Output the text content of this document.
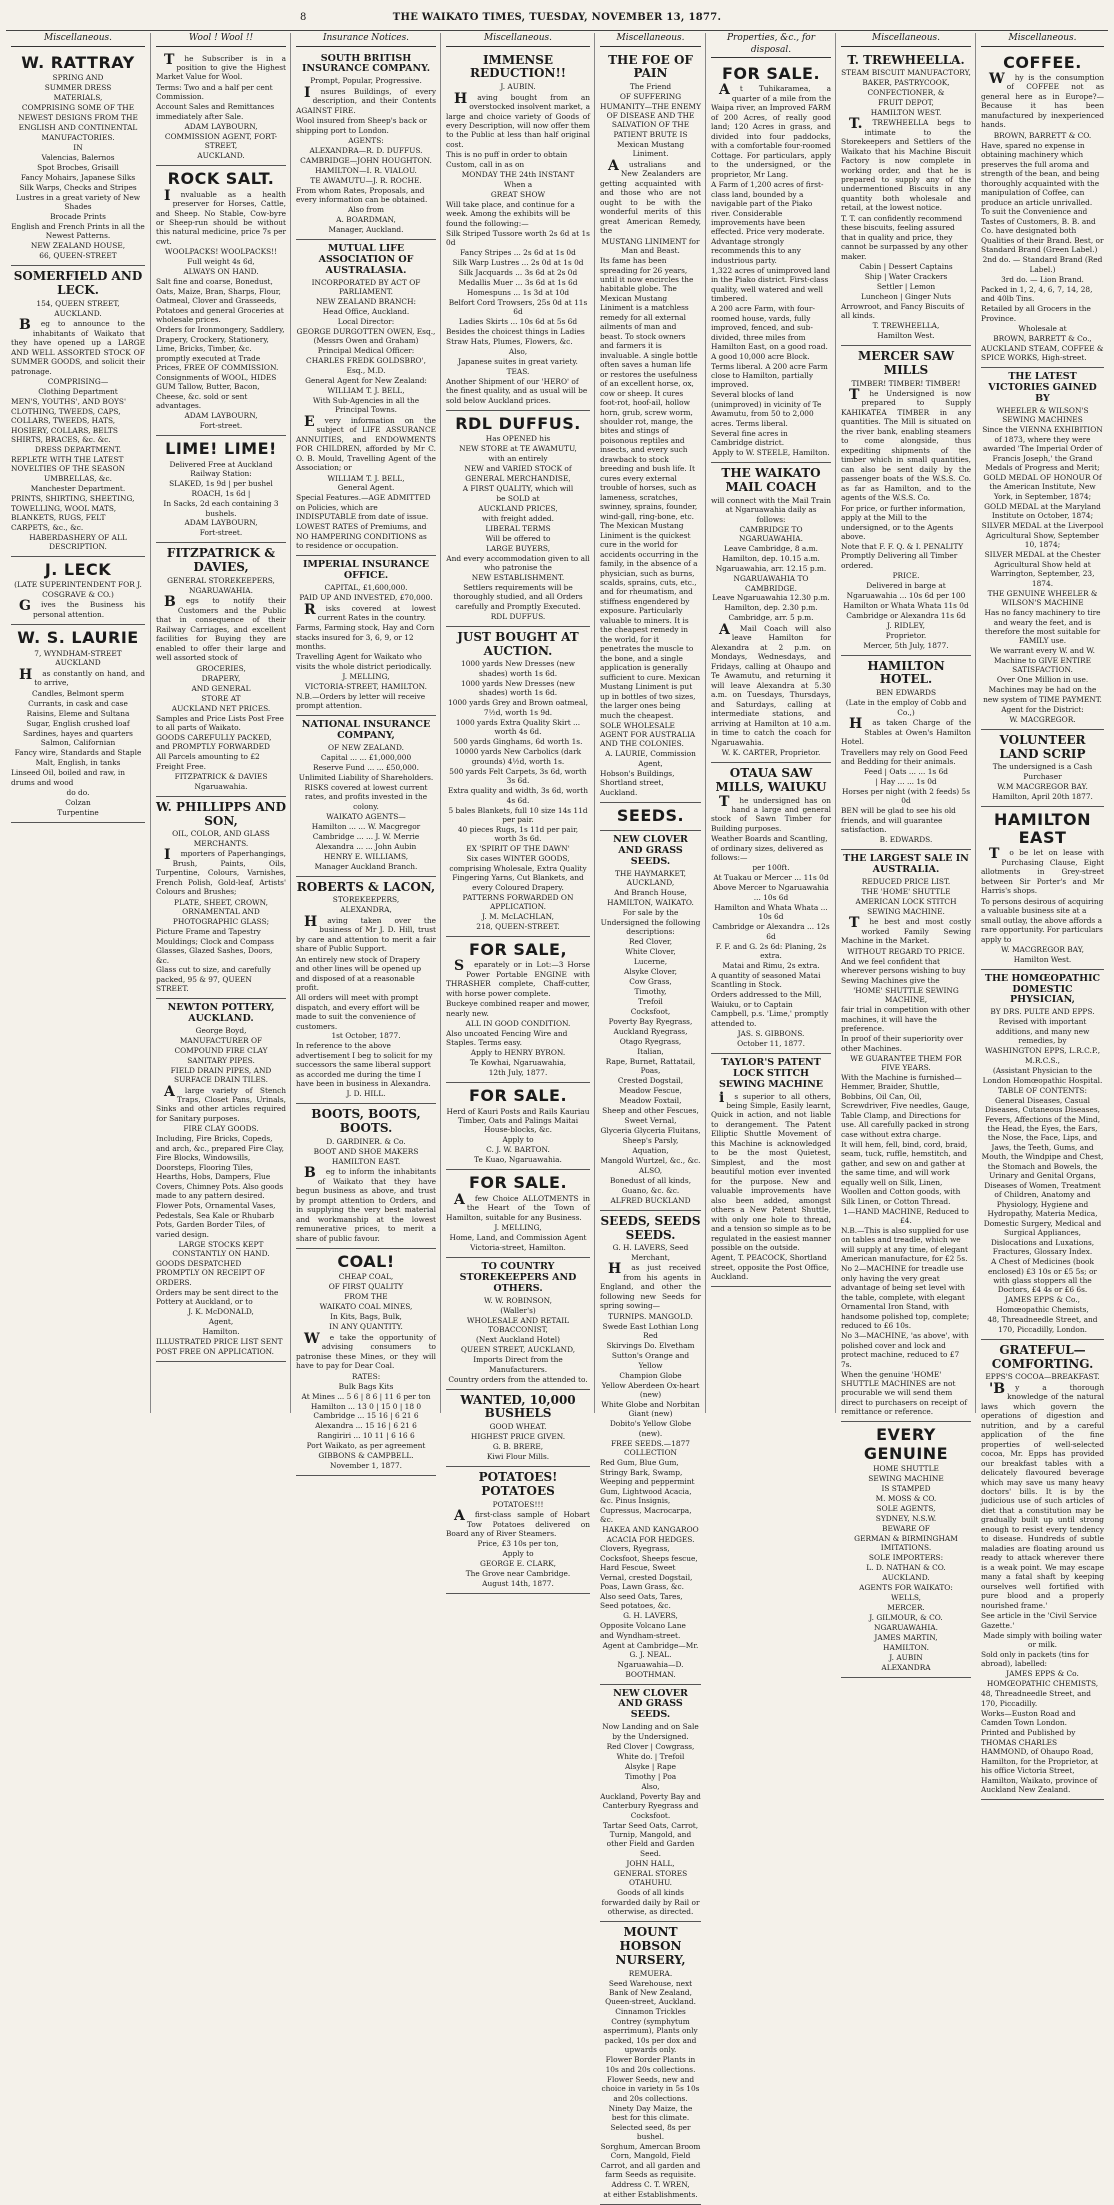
8	THE WAIKATO TIMES, TUESDAY, NOVEMBER 13, 1877.
Miscellaneous.
W. RATTRAY
SPRING AND
SUMMER DRESS
MATERIALS,
COMPRISING SOME OF THE
NEWEST DESIGNS FROM THE
ENGLISH AND CONTINENTAL
MANUFACTORIES.
IN
Valencias, Balernos
Spot Brocbes, Grisaill
Fancy Mohairs, Japanese Silks
Silk Warps, Checks and Stripes
Lustres in a great variety of New Shades
Brocade Prints
English and French Prints in all the Newest Patterns.
NEW ZEALAND HOUSE,
66, QUEEN-STREET
SOMERFIELD AND LECK.
154, QUEEN STREET,
AUCKLAND.

Beg to announce to the inhabitants of Waikato that they have opened up a LARGE AND WELL ASSORTED STOCK OF SUMMER GOODS, and solicit their patronage.

COMPRISING—
Clothing Department
MEN'S, YOUTHS', AND BOYS' CLOTHING, TWEEDS, CAPS, COLLARS, TWEEDS, HATS, HOSIERY, COLLARS, BELTS SHIRTS, BRACES, &c. &c.
DRESS DEPARTMENT.
REPLETE WITH THE LATEST NOVELTIES OF THE SEASON
UMBRELLAS, &c.
Manchester Department.
PRINTS, SHIRTING, SHEETING, TOWELLING, WOOL MATS, BLANKETS, RUGS, FELT CARPETS, &c., &c.
HABERDASHERY OF ALL DESCRIPTION.
J. LECK
(LATE SUPERINTENDENT FOR J. COSGRAVE & CO.)

Gives the Business his personal attention.

W. S. LAURIE
7, WYNDHAM-STREET AUCKLAND

Has constantly on hand, and to arrive,

Candles, Belmont sperm
Currants, in cask and case
Raisins, Eleme and Sultana
Sugar, English crushed loaf
Sardines, hayes and quarters
Salmon, Californian
Fancy wire, Standards and Staple
Malt, English, in tanks
Linseed Oil, boiled and raw, in drums and wood
do do.
Colzan
Turpentine
Wool ! Wool !!

The Subscriber is in a position to give the Highest Market Value for Wool.

Terms: Two and a half per cent Commission.
Account Sales and Remittances immediately after Sale.
ADAM LAYBOURN,
COMMISSION AGENT, FORT-STREET,
AUCKLAND.
ROCK SALT.

Invaluable as a health preserver for Horses, Cattle, and Sheep. No Stable, Cow-byre or Sheep-run should be without this natural medicine, price 7s per cwt.

WOOLPACKS! WOOLPACKS!!
Full weight 4s 6d,
ALWAYS ON HAND.
Salt fine and coarse, Bonedust, Oats, Maize, Bran, Sharps, Flour, Oatmeal, Clover and Grasseeds, Potatoes and general Groceries at wholesale prices.
Orders for Ironmongery, Saddlery, Drapery, Crockery, Stationery, Lime, Bricks, Timber, &c. promptly executed at Trade Prices, FREE OF COMMISSION.
Consignments of WOOL, HIDES GUM Tallow, Butter, Bacon, Cheese, &c. sold or sent advantages.
ADAM LAYBOURN,
Fort-street.
LIME! LIME!
Delivered Free at Auckland Railway Station:
SLAKED, 1s 9d | per bushel
ROACH, 1s 6d |
In Sacks, 2d each containing 3 bushels.
ADAM LAYBOURN,
Fort-street.
FITZPATRICK & DAVIES,
GENERAL STOREKEEPERS,
NGARUAWAHIA.

Begs to notify their Customers and the Public that in consequence of their Railway Carriages, and excellent facilities for Buying they are enabled to offer their large and well assorted stock of

GROCERIES,
DRAPERY,
AND GENERAL
STORE AT
AUCKLAND NET PRICES.
Samples and Price Lists Post Free to all parts of Waikato.
GOODS CAREFULLY PACKED, and PROMPTLY FORWARDED
All Parcels amounting to £2 Freight Free.
FITZPATRICK & DAVIES
Ngaruawahia.
W. PHILLIPPS AND SON,
OIL, COLOR, AND GLASS MERCHANTS.

Importers of Paperhangings, Brush, Paints, Oils, Turpentine, Colours, Varnishes, French Polish, Gold-leaf, Artists' Colours and Brushes;

PLATE, SHEET, CROWN, ORNAMENTAL AND
PHOTOGRAPHIC GLASS;
Picture Frame and Tapestry Mouldings; Clock and Compass Glasses, Glazed Sashes, Doors, &c.
Glass cut to size, and carefully packed, 95 & 97, QUEEN STREET.
NEWTON POTTERY, AUCKLAND.
George Boyd,
MANUFACTURER OF
COMPOUND FIRE CLAY SANITARY PIPES.
FIELD DRAIN PIPES, AND SURFACE DRAIN TILES.

Alarge variety of Stench Traps, Closet Pans, Urinals, Sinks and other articles required for Sanitary purposes.

FIRE CLAY GOODS.
Including, Fire Bricks, Copeds, and arch, &c., prepared Fire Clay, Fire Blocks, Windowsills, Doorsteps, Flooring Tiles, Hearths, Hobs, Dampers, Flue Covers, Chimney Pots. Also goods made to any pattern desired.
Flower Pots, Ornamental Vases, Pedestals, Sea Kale or Rhubarb Pots, Garden Border Tiles, of varied design.
LARGE STOCKS KEPT CONSTANTLY ON HAND.
GOODS DESPATCHED PROMPTLY ON RECEIPT OF ORDERS.
Orders may be sent direct to the Pottery at Auckland, or to
J. K. McDONALD,
Agent,
Hamilton.
ILLUSTRATED PRICE LIST SENT POST FREE ON APPLICATION.
Insurance Notices.
SOUTH BRITISH INSURANCE COMPANY.
Prompt, Popular, Progressive.

Insures Buildings, of every description, and their Contents AGAINST FIRE.

Wool insured from Sheep's back or shipping port to London.
AGENTS:
ALEXANDRA—R. D. DUFFUS.
CAMBRIDGE—JOHN HOUGHTON.
HAMILTON—I. R. VIALOU.
TE AWAMUTU—J. R. ROCHE.
From whom Rates, Proposals, and every information can be obtained.
Also from
A. BOARDMAN,
Manager, Auckland.
MUTUAL LIFE ASSOCIATION OF AUSTRALASIA.
INCORPORATED BY ACT OF PARLIAMENT.
NEW ZEALAND BRANCH:
Head Office, Auckland.
Local Director:
GEORGE DURGOTTEN OWEN, Esq., (Messrs Owen and Graham)
Principal Medical Officer:
CHARLES FREDK GOLDSBRO', Esq., M.D.
General Agent for New Zealand:
WILLIAM T. J. BELL,
With Sub-Agencies in all the Principal Towns.

Every information on the subject of LIFE ASSURANCE ANNUITIES, and ENDOWMENTS FOR CHILDREN, afforded by Mr C. O. B. Mould, Travelling Agent of the Association; or

WILLIAM T. J. BELL,
General Agent.
Special Features.—AGE ADMITTED on Policies, which are INDISPUTABLE from date of issue.
LOWEST RATES of Premiums, and NO HAMPERING CONDITIONS as to residence or occupation.
IMPERIAL INSURANCE OFFICE.
CAPITAL, £1,600,000.
PAID UP AND INVESTED, £70,000.

Risks covered at lowest current Rates in the country.

Farms, Farming stock, Hay and Corn stacks insured for 3, 6, 9, or 12 months.
Travelling Agent for Waikato who visits the whole district periodically.
J. MELLING,
VICTORIA-STREET, HAMILTON.
N.B.—Orders by letter will receive prompt attention.
NATIONAL INSURANCE COMPANY,
OF NEW ZEALAND.
Capital ... ... £1,000,000
Reserve Fund ... ... £50,000.
Unlimited Liability of Shareholders.
RISKS covered at lowest current rates, and profits invested in the colony.
WAIKATO AGENTS—
Hamilton ... ... W. Macgregor
Cambridge ... ... J. W. Merrie
Alexandra ... ... John Aubin
HENRY E. WILLIAMS,
Manager Auckland Branch.
ROBERTS & LACON,
STOREKEEPERS,
ALEXANDRA,

Having taken over the business of Mr J. D. Hill, trust by care and attention to merit a fair share of Public Support.

An entirely new stock of Drapery and other lines will be opened up and disposed of at a reasonable profit.
All orders will meet with prompt dispatch, and every effort will be made to suit the convenience of customers.
1st October, 1877.
In reference to the above advertisement I beg to solicit for my successors the same liberal support as accorded me during the time I have been in business in Alexandra.
J. D. HILL.
BOOTS, BOOTS, BOOTS.
D. GARDINER. & Co.
BOOT AND SHOE MAKERS
HAMILTON EAST.

Beg to inform the inhabitants of Waikato that they have begun business as above, and trust by prompt attention to Orders, and in supplying the very best material and workmanship at the lowest remunerative prices, to merit a share of public favour.

COAL!
CHEAP COAL,
OF FIRST QUALITY
FROM THE
WAIKATO COAL MINES,
In Kits, Bags, Bulk,
IN ANY QUANTITY.

We take the opportunity of advising consumers to patronise these Mines, or they will have to pay for Dear Coal.

RATES:
Bulk Bags Kits
At Mines ... 5 6 | 8 6 | 11 6 per ton
Hamilton ... 13 0 | 15 0 | 18 0
Cambridge ... 15 16 | 6 21 6
Alexandra ... 15 16 | 6 21 6
Rangiriri ... 10 11 | 6 16 6
Port Waikato, as per agreement
GIBBONS & CAMPBELL.
November 1, 1877.
Miscellaneous.
IMMENSE REDUCTION!!
J. AUBIN.

Having bought from an overstocked insolvent market, a large and choice variety of Goods of every Description, will now offer them to the Public at less than half original cost.

This is no puff in order to obtain Custom, call in as on
MONDAY THE 24th INSTANT
When a
GREAT SHOW
Will take place, and continue for a week. Among the exhibits will be found the following:—
Silk Striped Tussore worth 2s 6d at 1s 0d
Fancy Stripes ... 2s 6d at 1s 0d
Silk Warp Lustres ... 2s 0d at 1s 0d
Silk Jacquards ... 3s 6d at 2s 0d
Medallis Muer ... 3s 6d at 1s 6d
Homespuns ... 1s 3d at 10d
Belfort Cord Trowsers, 25s 0d at 11s 6d
Ladies Skirts ... 10s 6d at 5s 6d
Besides the choicest things in Ladies Straw Hats, Plumes, Flowers, &c.
Also,
Japanese suites in great variety.
TEAS.
Another Shipment of our 'HERO' of the finest quality, and as usual will be sold below Auckland prices.
RDL DUFFUS.
Has OPENED his
NEW STORE at TE AWAMUTU,
with an entirely
NEW and VARIED STOCK of
GENERAL MERCHANDISE,
A FIRST QUALITY, which will
be SOLD at
AUCKLAND PRICES,
with freight added.
LIBERAL TERMS
Will be offered to
LARGE BUYERS,
And every accommodation given to all who patronise the
NEW ESTABLISHMENT.
Settlers requirements will be thoroughly studied, and all Orders carefully and Promptly Executed.
RDL DUFFUS.
JUST BOUGHT AT AUCTION.
1000 yards New Dresses (new shades) worth 1s 6d.
1000 yards New Dresses (new shades) worth 1s 6d.
1000 yards Grey and Brown oatmeal, 7½d, worth 1s 9d.
1000 yards Extra Quality Skirt ... worth 4s 6d.
500 yards Ginghams, 6d worth 1s.
10000 yards New Carbolics (dark grounds) 4½d, worth 1s.
500 yards Felt Carpets, 3s 6d, worth 3s 6d.
Extra quality and width, 3s 6d, worth 4s 6d.
5 bales Blankets, full 10 size 14s 11d per pair.
40 pieces Rugs, 1s 11d per pair, worth 3s 6d.
EX 'SPIRIT OF THE DAWN'
Six cases WINTER GOODS, comprising Wholesale, Extra Quality Fingering Yarns, Cut Blankets, and every Coloured Drapery.
PATTERNS FORWARDED ON APPLICATION.
J. M. McLACHLAN,
218, QUEEN-STREET.
FOR SALE,

Separately or in Lot:—3 Horse Power Portable ENGINE with THRASHER complete, Chaff-cutter, with horse power complete.

Buckeye combined reaper and mower, nearly new.
ALL IN GOOD CONDITION.
Also uncoated Fencing Wire and Staples. Terms easy.
Apply to HENRY BYRON.
Te Kowhai, Ngaruawahia,
12th July, 1877.
FOR SALE.
Herd of Kauri Posts and Rails Kauriau Timber, Oats and Palings Maitai House-blocks, &c.
Apply to
C. J. W. BARTON.
Te Kuao, Ngaruawahia.
FOR SALE.

Afew Choice ALLOTMENTS in the Heart of the Town of Hamilton, suitable for any Business.

J. MELLING,
Home, Land, and Commission Agent
Victoria-street, Hamilton.
TO COUNTRY STOREKEEPERS AND OTHERS.
W. W. ROBINSON,
(Waller's)
WHOLESALE AND RETAIL TOBACCONIST,
(Next Auckland Hotel)
QUEEN STREET, AUCKLAND,
Imports Direct from the Manufacturers.
Country orders from the attended to.
WANTED, 10,000 BUSHELS
GOOD WHEAT.
HIGHEST PRICE GIVEN.
G. B. BRERE,
Kiwi Flour Mills.
POTATOES! POTATOES
POTATOES!!!

Afirst-class sample of Hobart Tow Potatoes delivered on Board any of River Steamers.

Price, £3 10s per ton,
Apply to
GEORGE E. CLARK,
The Grove near Cambridge.
August 14th, 1877.
Miscellaneous.
THE FOE OF PAIN
The Friend
OF SUFFERING HUMANITY—THE ENEMY OF DISEASE AND THE SALVATION OF THE PATIENT BRUTE IS
Mexican Mustang Liniment.

Australians and New Zealanders are getting acquainted with and those who are not ought to be with the wonderful merits of this great American Remedy, the

MUSTANG LINIMENT for Man and Beast.
Its fame has been spreading for 26 years, until it now encircles the habitable globe. The Mexican Mustang Liniment is a matchless remedy for all external ailments of man and beast. To stock owners and farmers it is invaluable. A single bottle often saves a human life or restores the usefulness of an excellent horse, ox, cow or sheep. It cures foot-rot, hoof-ail, hollow horn, grub, screw worm, shoulder rot, mange, the bites and stings of poisonous reptiles and insects, and every such drawback to stock breeding and bush life. It cures every external trouble of horses, such as lameness, scratches, swinney, sprains, founder, wind-gall, ring-bone, etc. The Mexican Mustang Liniment is the quickest cure in the world for accidents occurring in the family, in the absence of a physician, such as burns, scalds, sprains, cuts, etc., and for rheumatism, and stiffness engendered by exposure. Particularly valuable to miners. It is the cheapest remedy in the world, for it penetrates the muscle to the bone, and a single application is generally sufficient to cure. Mexican Mustang Liniment is put up in bottles of two sizes, the larger ones being much the cheapest.
SOLE WHOLESALE AGENT FOR AUSTRALIA AND THE COLONIES.
A. LAURIE, Commission Agent,
Hobson's Buildings, Shortland street, Auckland.
SEEDS.
NEW CLOVER AND GRASS SEEDS.
THE HAYMARKET, AUCKLAND,
And Branch House,
HAMILTON, WAIKATO.
For sale by the Undersigned the following descriptions:
Red Clover,
White Clover,
Lucerne,
Alsyke Clover,
Cow Grass,
Timothy,
Trefoil
Cocksfoot,
Poverty Bay Ryegrass,
Auckland Ryegrass,
Otago Ryegrass,
Italian,
Rape, Burnet, Rattatail, Poas,
Crested Dogstail,
Meadow Fescue,
Meadow Foxtail,
Sheep and other Fescues,
Sweet Vernal,
Glyceria Glyceria Fluitans,
Sheep's Parsly,
Aquation,
Mangold Wurtzel, &c., &c.
ALSO,
Bonedust of all kinds,
Guano, &c. &c.
ALFRED BUCKLAND
SEEDS, SEEDS SEEDS.
G. H. LAVERS, Seed Merchant,

Has just received from his agents in England, and other the following new Seeds for spring sowing—

TURNIPS. MANGOLD.
Swede East Lothian Long Red
Skirvings Do. Elvetham
Sutton's Orange and Yellow
Champion Globe
Yellow Aberdeen Ox-heart (new)
White Globe and Norbitan Giant (new)
Dobito's Yellow Globe (new).
FREE SEEDS.—1877 COLLECTION
Red Gum, Blue Gum, Stringy Bark, Swamp, Weeping and peppermint Gum, Lightwood Acacia, &c. Pinus Insignis, Cupressus, Macrocarpa, &c.
HAKEA AND KANGAROO ACACIA FOR HEDGES.
Clovers, Ryegrass, Cocksfoot, Sheeps fescue, Hard Fescue, Sweet Vernal, crested Dogstail, Poas, Lawn Grass, &c. Also seed Oats, Tares, Seed potatoes, &c.
G. H. LAVERS,
Opposite Volcano Lane and Wyndham-street.
Agent at Cambridge—Mr. G. J. NEAL.
Ngaruawahia—D. BOOTHMAN.
NEW CLOVER AND GRASS SEEDS.
Now Landing and on Sale by the Undersigned.
Red Clover | Cowgrass,
White do. | Trefoil
Alsyke | Rape
Timothy | Poa
Also,
Auckland, Poverty Bay and Canterbury Ryegrass and Cocksfoot.
Tartar Seed Oats, Carrot, Turnip, Mangold, and other Field and Garden Seed.
JOHN HALL,
GENERAL STORES OTAHUHU.
Goods of all kinds forwarded daily by Rail or otherwise, as directed.
MOUNT HOBSON NURSERY,
REMUERA.
Seed Warehouse, next Bank of New Zealand, Queen-street, Auckland.
Cinnamon Trickles Contrey (symphytum asperrimum), Plants only packed, 10s per dox and upwards only.
Flower Border Plants in 10s and 20s collections.
Flower Seeds, new and choice in variety in 5s 10s and 20s collections.
Ninety Day Maize, the best for this climate. Selected seed, 8s per bushel.
Sorghum, Amercan Broom Corn, Mangold, Field Carrot, and all garden and farm Seeds as requisite.
Address C. T. WREN,
at either Establishments.
Properties, &c., for disposal.
FOR SALE.

At Tuhikaramea, a quarter of a mile from the Waipa river, an Improved FARM of 200 Acres, of really good land; 120 Acres in grass, and divided into four paddocks, with a comfortable four-roomed Cottage. For particulars, apply to the undersigned, or the proprietor, Mr Lang.

A Farm of 1,200 acres of first-class land, bounded by a navigable part of the Piako river. Considerable improvements have been effected. Price very moderate. Advantage strongly recommends this to any industrious party.
1,322 acres of unimproved land in the Piako district. First-class quality, well watered and well timbered.
A 200 acre Farm, with four-roomed house, vards, fully improved, fenced, and sub-divided, three miles from Hamilton East, on a good road.
A good 10,000 acre Block. Terms liberal. A 200 acre Farm close to Hamilton, partially improved.
Several blocks of land (unimproved) in vicinity of Te Awamutu, from 50 to 2,000 acres. Terms liberal.
Several fine acres in Cambridge district.
Apply to W. STEELE, Hamilton.
THE WAIKATO MAIL COACH
will connect with the Mail Train at Ngaruawahia daily as follows:
CAMBRIDGE TO NGARUAWAHIA.
Leave Cambridge, 8 a.m.
Hamilton, dep. 10.15 a.m.
Ngaruawahia, arr. 12.15 p.m.
NGARUAWAHIA TO CAMBRIDGE.
Leave Ngaruawahia 12.30 p.m.
Hamilton, dep. 2.30 p.m.
Cambridge, arr. 5 p.m.

AMail Coach will also leave Hamilton for Alexandra at 2 p.m. on Mondays, Wednesdays, and Fridays, calling at Ohaupo and Te Awamutu, and returning it will leave Alexandra at 5.30 a.m. on Tuesdays, Thursdays, and Saturdays, calling at intermediate stations, and arriving at Hamilton at 10 a.m. in time to catch the coach for Ngaruawahia.

W. K. CARTER, Proprietor.
OTAUA SAW MILLS, WAIUKU

The undersigned has on hand a large and general stock of Sawn Timber for Building purposes.

Weather Boards and Scantling, of ordinary sizes, delivered as follows:—
per 100ft.
At Tuakau or Mercer ... 11s 0d
Above Mercer to Ngaruawahia ... 10s 6d
Hamilton and Whata Whata ... 10s 6d
Cambridge or Alexandra ... 12s 6d
F. F. and G. 2s 6d: Planing, 2s extra.
Matai and Rimu, 2s extra.
A quantity of seasoned Matai Scantling in Stock.
Orders addressed to the Mill, Waiuku, or to Captain Campbell, p.s. 'Lime,' promptly attended to.
JAS. S. GIBBONS.
October 11, 1877.
TAYLOR'S PATENT LOCK STITCH SEWING MACHINE

is superior to all others, being Simple, Easily learnt, Quick in action, and not liable to derangement. The Patent Elliptic Shuttle Movement of this Machine is acknowledged to be the most Quietest, Simplest, and the most beautiful motion ever invented for the purpose. New and valuable improvements have also been added, amongst others a New Patent Shuttle, with only one hole to thread, and a tension so simple as to be regulated in the easiest manner possible on the outside.

Agent, T. PEACOCK, Shortland street, opposite the Post Office, Auckland.
Miscellaneous.
T. TREWHEELLA.
STEAM BISCUIT MANUFACTORY,
BAKER, PASTRYCOOK, CONFECTIONER, &
FRUIT DEPOT,
HAMILTON WEST.

T.TREWHEELLA begs to intimate to the Storekeepers and Settlers of the Waikato that his Machine Biscuit Factory is now complete in working order, and that he is prepared to supply any of the undermentioned Biscuits in any quantity both wholesale and retail, at the lowest notice.

T. T. can confidently recommend these biscuits, feeling assured that in quality and price, they cannot be surpassed by any other maker.
Cabin | Dessert Captains
Ship | Water Crackers
Settler | Lemon
Luncheon | Ginger Nuts
Arrowroot, and Fancy Biscuits of all kinds.
T. TREWHEELLA,
Hamilton West.
MERCER SAW MILLS
TIMBER! TIMBER! TIMBER!

The Undersigned is now prepared to Supply KAHIKATEA TIMBER in any quantities. The Mill is situated on the river bank, enabling steamers to come alongside, thus expediting shipments of the timber which in small quantities, can also be sent daily by the passenger boats of the W.S.S. Co. as far as Hamilton, and to the agents of the W.S.S. Co.

For price, or further information, apply at the Mill to the undersigned, or to the Agents above.
Note that F. F. Q. & I. PENALITY Promptly Delivering all Timber ordered.
PRICE.
Delivered in barge at
Ngaruawahia ... 10s 6d per 100
Hamilton or Whata Whata 11s 0d
Cambridge or Alexandra 11s 6d
J. RIDLEY,
Proprietor.
Mercer, 5th July, 1877.
HAMILTON HOTEL.
BEN EDWARDS
(Late in the employ of Cobb and Co.,)

Has taken Charge of the Stables at Owen's Hamilton Hotel.

Travellers may rely on Good Feed and Bedding for their animals.
Feed | Oats ... ... 1s 6d
| Hay ... ... 1s 0d
Horses per night (with 2 feeds) 5s 0d
BEN will be glad to see his old friends, and will guarantee satisfaction.
B. EDWARDS.
THE LARGEST SALE IN AUSTRALIA.
REDUCED PRICE LIST.
THE 'HOME' SHUTTLE
AMERICAN LOCK STITCH
SEWING MACHINE.

The best and most costly worked Family Sewing Machine in the Market.

WITHOUT REGARD TO PRICE.
And we feel confident that wherever persons wishing to buy Sewing Machines give the
'HOME' SHUTTLE SEWING MACHINE,
fair trial in competition with other machines, it will have the preference.
In proof of their superiority over other Machines.
WE GUARANTEE THEM FOR FIVE YEARS.
With the Machine is furnished—Hemmer, Braider, Shuttle, Bobbins, Oil Can, Oil, Screwdriver, Five needles, Gauge, Table Clamp, and Directions for use. All carefully packed in strong case without extra charge.
It will hem, fell, bind, cord, braid, seam, tuck, ruffle, hemstitch, and gather, and sew on and gather at the same time, and will work equally well on Silk, Linen, Woollen and Cotton goods, with Silk Linen, or Cotton Thread.
1—HAND MACHINE, Reduced to £4.
N.B.—This is also supplied for use on tables and treadle, which we will supply at any time, of elegant American manufacture, for £2 5s.
No 2—MACHINE for treadle use only having the very great advantage of being set level with the table, complete, with elegant Ornamental Iron Stand, with handsome polished top, complete; reduced to £6 10s.
No 3—MACHINE, 'as above', with polished cover and lock and protect machine, reduced to £7 7s.
When the genuine 'HOME' SHUTTLE MACHINES are not procurable we will send them direct to purchasers on receipt of remittance or reference.
EVERY GENUINE
HOME SHUTTLE
SEWING MACHINE
IS STAMPED
M. MOSS & CO.
SOLE AGENTS,
SYDNEY, N.S.W.
BEWARE OF
GERMAN & BIRMINGHAM IMITATIONS.
SOLE IMPORTERS:
L. D. NATHAN & CO.
AUCKLAND.
AGENTS FOR WAIKATO:
WELLS,
MERCER.
J. GILMOUR, & CO.
NGARUAWAHIA.
JAMES MARTIN,
HAMILTON.
J. AUBIN
ALEXANDRA
Miscellaneous.
COFFEE.

Why is the consumption of COFFEE not as general here as in Europe?—Because it has been manufactured by inexperienced hands.

BROWN, BARRETT & CO.
Have, spared no expense in obtaining machinery which preserves the full aroma and strength of the bean, and being thoroughly acquainted with the manipulation of Coffee, can produce an article unrivalled.
To suit the Convenience and Tastes of Customers, B. B. and Co. have designated both Qualities of their Brand. Best, or Standard Brand (Green Label.)
2nd do. — Standard Brand (Red Label.)
3rd do. — Lion Brand.
Packed in 1, 2, 4, 6, 7, 14, 28, and 40lb Tins.
Retailed by all Grocers in the Province.
Wholesale at
BROWN, BARRETT & Co.,
AUCKLAND STEAM, COFFEE & SPICE WORKS, High-street.
THE LATEST VICTORIES GAINED BY
WHEELER & WILSON'S SEWING MACHINES
Since the VIENNA EXHIBITION of 1873, where they were awarded 'The Imperial Order of Francis Joseph,' the Grand Medals of Progress and Merit;
GOLD MEDAL OF HONOUR Of the American Institute, New York, in September, 1874;
GOLD MEDAL at the Maryland Institute on October, 1874;
SILVER MEDAL at the Liverpool Agricultural Show, September 10, 1874;
SILVER MEDAL at the Chester Agricultural Show held at Warrington, September, 23, 1874.
THE GENUINE WHEELER & WILSON'S MACHINE
Has no fancy machinery to tire and weary the feet, and is therefore the most suitable for FAMILY use.
We warrant every W. and W. Machine to GIVE ENTIRE SATISFACTION.
Over One Million in use.
Machines may be had on the new system of TIME PAYMENT.
Agent for the District:
W. MACGREGOR.
VOLUNTEER LAND SCRIP
The undersigned is a Cash Purchaser
W.M MACGREGOR BAY.
Hamilton, April 20th 1877.
HAMILTON EAST

To be let on lease with Purchasing Clause, Eight allotments in Grey-street between Sir Porter's and Mr Harris's shops.

To persons desirous of acquiring a valuable business site at a small outlay, the above affords a rare opportunity. For particulars apply to
W. MACGREGOR BAY,
Hamilton West.
THE HOMŒOPATHIC DOMESTIC PHYSICIAN,
BY DRS. PULTE AND EPPS.
Revised with important additions, and many new remedies, by
WASHINGTON EPPS, L.R.C.P.,
M.R.C.S.,
(Assistant Physician to the London Homœopathic Hospital.
TABLE OF CONTENTS:
General Diseases, Casual Diseases, Cutaneous Diseases, Fevers, Affections of the Mind, the Head, the Eyes, the Ears, the Nose, the Face, Lips, and Jaws, the Teeth, Gums, and Mouth, the Windpipe and Chest, the Stomach and Bowels, the Urinary and Genital Organs, Diseases of Women, Treatment of Children, Anatomy and Physiology, Hygiene and Hydropathy, Materia Medica, Domestic Surgery, Medical and Surgical Appliances, Dislocations and Luxations, Fractures, Glossary Index.
A Chest of Medicines (book enclosed) £3 10s or £5 5s; or with glass stoppers all the Doctors, £4 4s or £6 6s.
JAMES EPPS & Co.,
Homœopathic Chemists,
48, Threadneedle Street, and 170, Piccadilly, London.
GRATEFUL—COMFORTING.
EPPS'S COCOA—BREAKFAST.

'By a thorough knowledge of the natural laws which govern the operations of digestion and nutrition, and by a careful application of the fine properties of well-selected cocoa, Mr. Epps has provided our breakfast tables with a delicately flavoured beverage which may save us many heavy doctors' bills. It is by the judicious use of such articles of diet that a constitution may be gradually built up until strong enough to resist every tendency to disease. Hundreds of subtle maladies are floating around us ready to attack wherever there is a weak point. We may escape many a fatal shaft by keeping ourselves well fortified with pure blood and a properly nourished frame.'

See article in the 'Civil Service Gazette.'
Made simply with boiling water or milk.
Sold only in packets (tins for abroad), labelled:
JAMES EPPS & Co.
HOMŒOPATHIC CHEMISTS,
48, Threadneedle Street, and 170, Piccadilly.
Works—Euston Road and Camden Town London.
Printed and Published by THOMAS CHARLES HAMMOND, of Ohaupo Road, Hamilton, for the Proprietor, at his office Victoria Street, Hamilton, Waikato, province of Auckland New Zealand.
